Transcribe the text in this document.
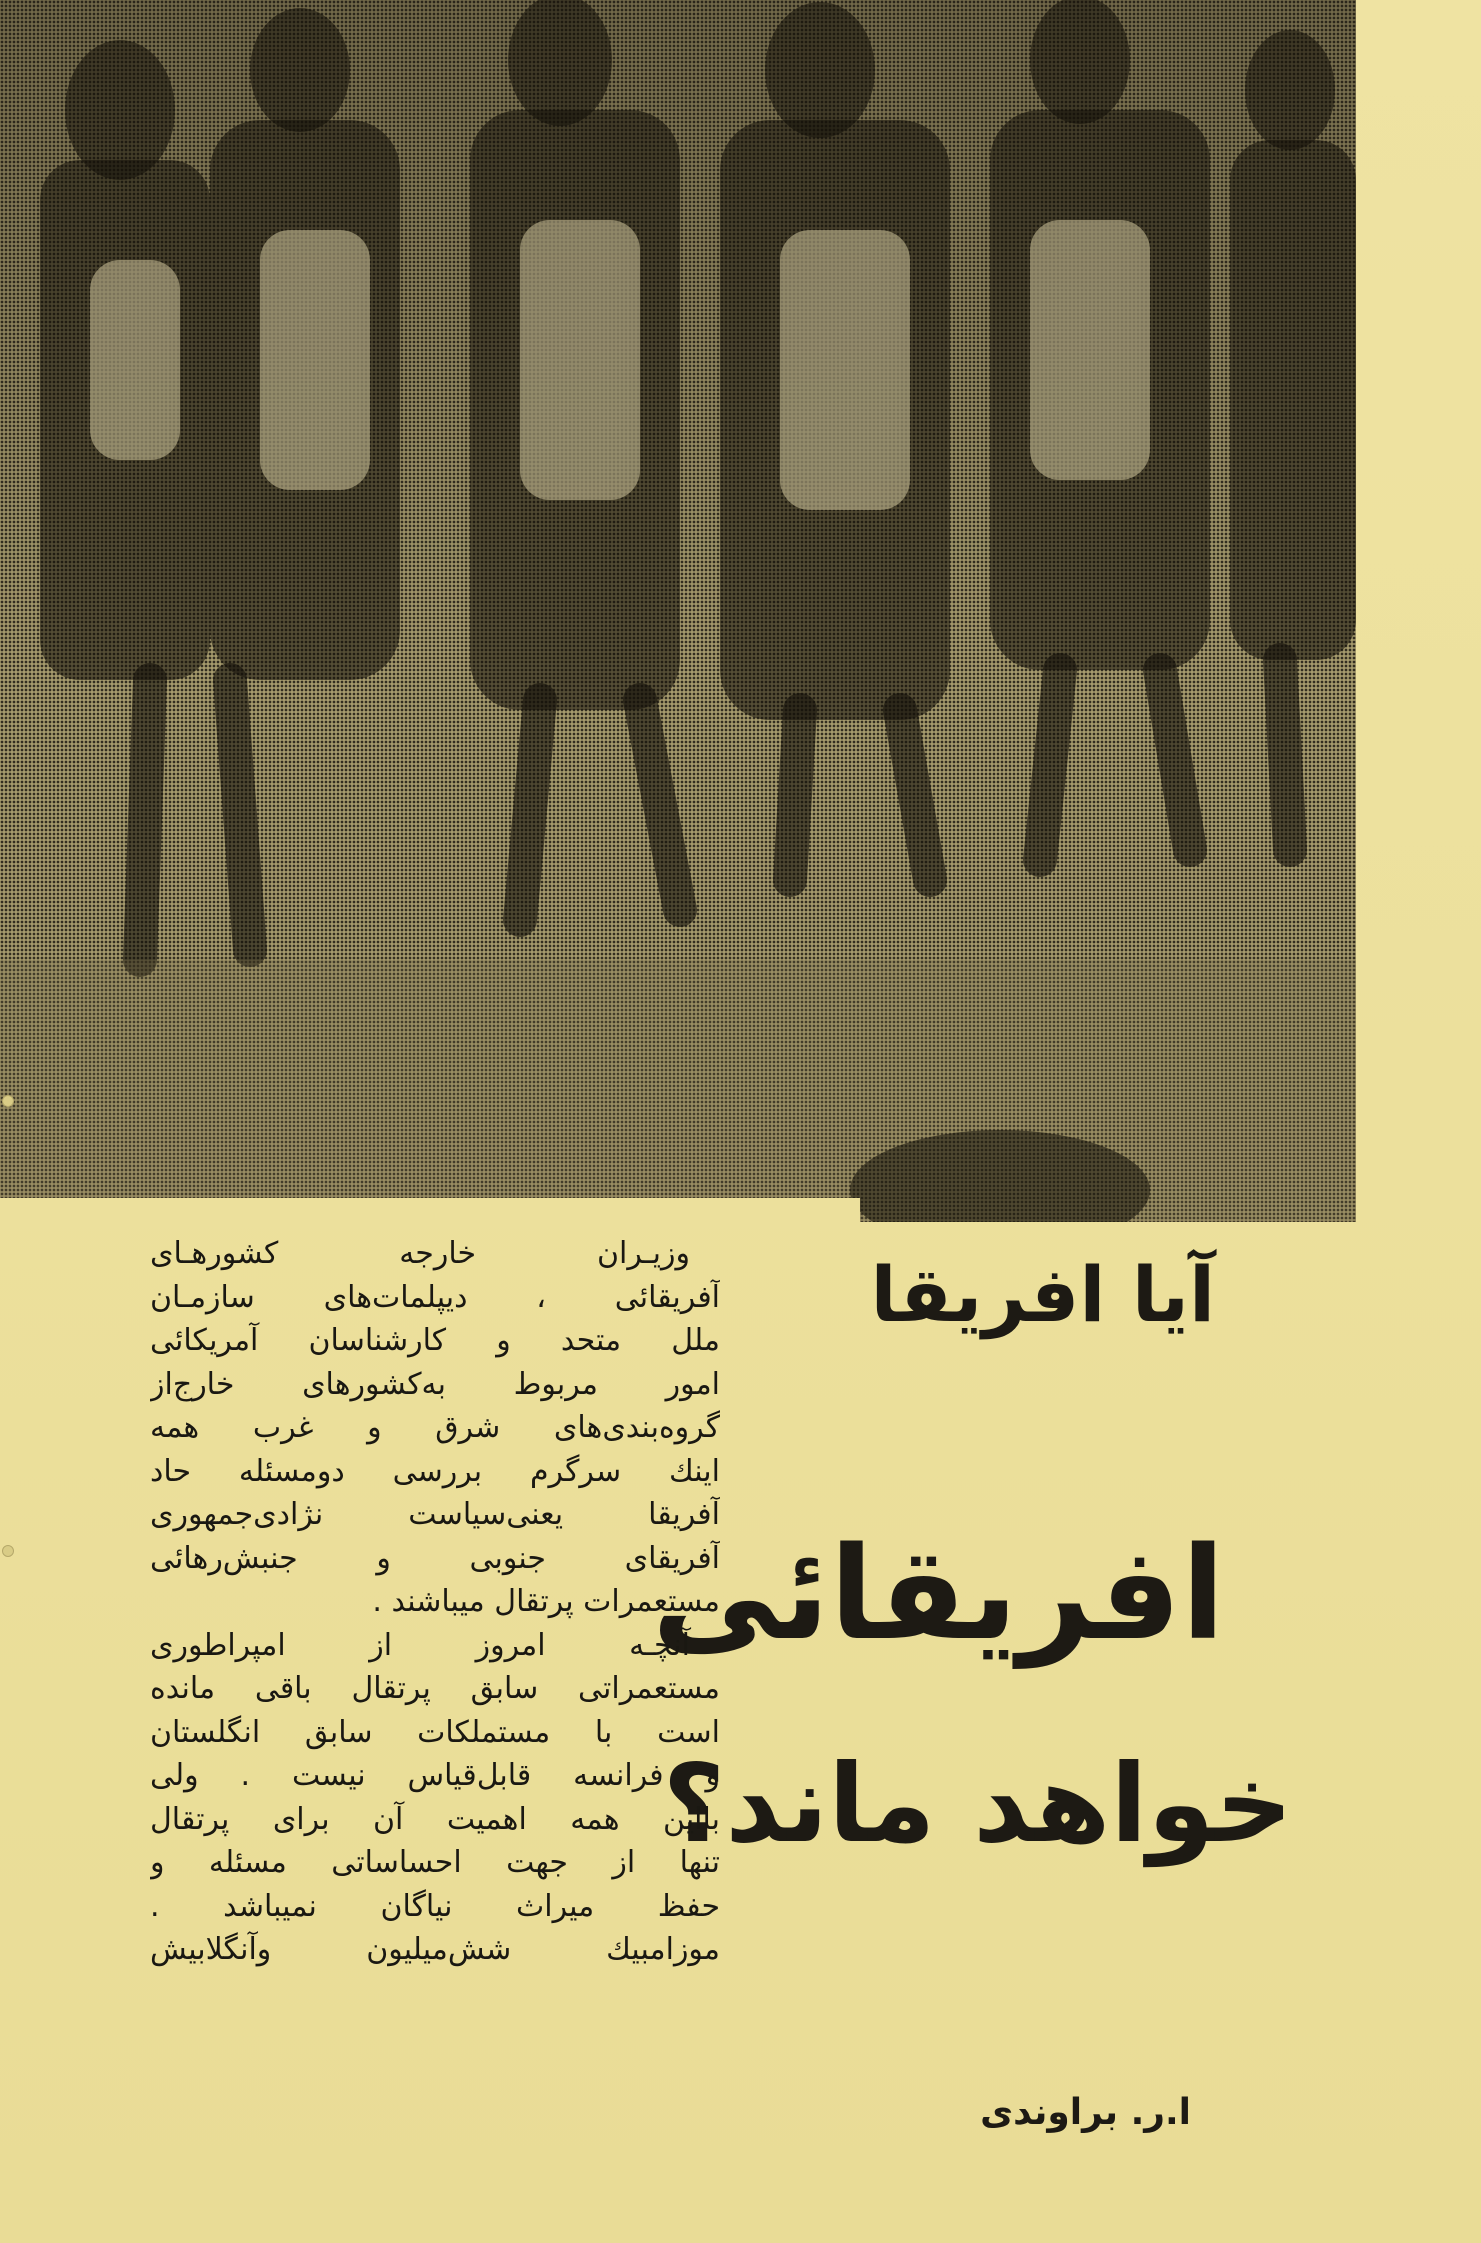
آیا افریقا
افریقائی
خواهد ماند؟
ا.ر. براوندی
وزیـران خارجه کشورهـای
آفریقائی ، دیپلمات‌های سازمـان
ملل متحد و کارشناسان آمریکائی
امور مربوط به‌کشورهای خارج‌از
گروه‌بندی‌های شرق و غرب همه
اینك سرگرم بررسی دومسئله حاد
آفریقا یعنی‌سیاست نژادی‌جمهوری
آفریقای جنوبی و جنبش‌رهائی
مستعمرات پرتقال میباشند .
آنچـه امروز از امپراطوری
مستعمراتی سابق پرتقال باقی مانده
است با مستملکات سابق انگلستان
و فرانسه قابل‌قیاس نیست . ولی
بااین همه اهمیت آن برای پرتقال
تنها از جهت احساساتی مسئله و
حفظ میراث نیاگان نمیباشد .
موزامبیك شش‌میلیون وآنگلابیش
